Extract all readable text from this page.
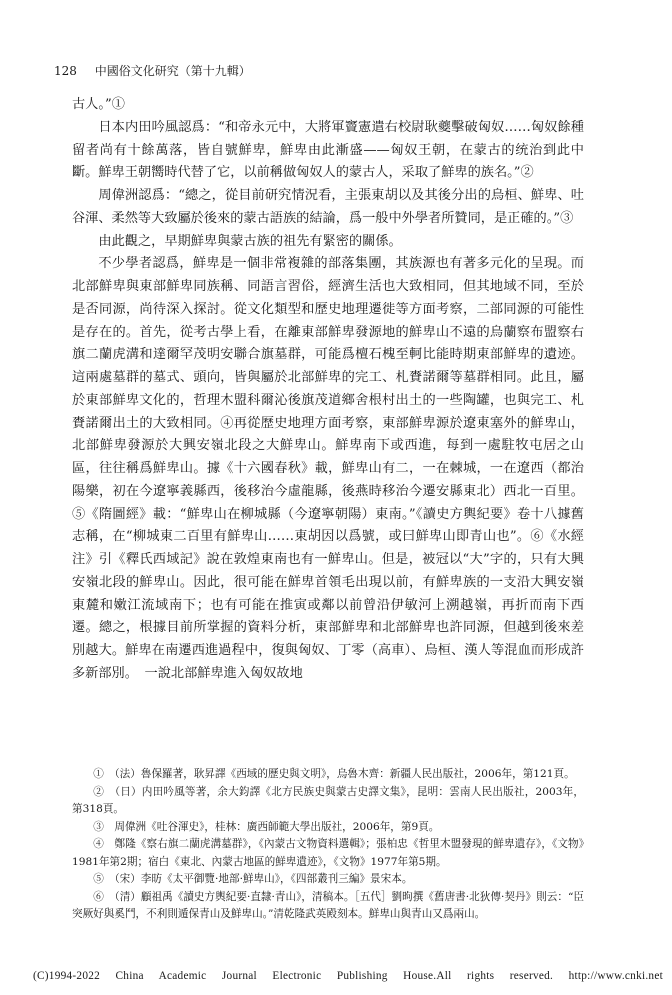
128 中國俗文化研究（第十九輯）

古人。”①

日本内田吟風認爲：“和帝永元中，大將軍竇憲遣右校尉耿夔擊破匈奴……匈奴餘種留者尚有十餘萬落，皆自號鮮卑，鮮卑由此漸盛——匈奴王朝，在蒙古的统治到此中斷。鮮卑王朝嚮時代替了它，以前稱做匈奴人的蒙古人，采取了鮮卑的族名。”②

周偉洲認爲：“總之，從目前研究情況看，主張東胡以及其後分出的烏桓、鮮卑、吐谷渾、柔然等大致屬於後來的蒙古語族的結論，爲一般中外學者所贊同，是正確的。”③

由此觀之，早期鮮卑與蒙古族的祖先有緊密的關係。

不少學者認爲，鮮卑是一個非常複雜的部落集團，其族源也有著多元化的呈現。而北部鮮卑與東部鮮卑同族稱、同語言習俗，經濟生活也大致相同，但其地域不同，至於是否同源，尚待深入探討。從文化類型和歷史地理遷徙等方面考察，二部同源的可能性是存在的。首先，從考古學上看，在離東部鮮卑發源地的鮮卑山不遠的烏蘭察布盟察右旗二蘭虎溝和達爾罕茂明安聯合旗墓群，可能爲檀石槐至軻比能時期東部鮮卑的遺迹。這兩處墓群的墓式、頭向，皆與屬於北部鮮卑的完工、札賚諾爾等墓群相同。此且，屬於東部鮮卑文化的，哲理木盟科爾沁後旗茂道鄉舍根村出土的一些陶罐，也與完工、札賚諾爾出土的大致相同。④再從歷史地理方面考察，東部鮮卑源於遼東塞外的鮮卑山，北部鮮卑發源於大興安嶺北段之大鮮卑山。鮮卑南下或西進，每到一處駐牧屯居之山區，往往稱爲鮮卑山。據《十六國春秋》載，鮮卑山有二，一在棘城，一在遼西（都治陽樂，初在今遼寧義縣西，後移治今虛龍縣，後燕時移治今遷安縣東北）西北一百里。⑤《隋圖經》載：“鮮卑山在柳城縣（今遼寧朝陽）東南。”《讀史方輿紀要》卷十八據舊志稱，在“柳城東二百里有鮮卑山……東胡因以爲號，或曰鮮卑山即青山也”。⑥《水經注》引《釋氏西域記》說在敦煌東南也有一鮮卑山。但是，被冠以“大”字的，只有大興安嶺北段的鮮卑山。因此，很可能在鮮卑首領毛出現以前，有鮮卑族的一支沿大興安嶺東麓和嫩江流域南下；也有可能在推寅或鄰以前曾沿伊敏河上溯越嶺，再折而南下西遷。總之，根據目前所掌握的資料分析，東部鮮卑和北部鮮卑也許同源，但越到後來差別越大。鮮卑在南遷西進過程中，復與匈奴、丁零（高車）、烏桓、漢人等混血而形成許多新部別。　一說北部鮮卑進入匈奴故地

①　（法）魯保羅著，耿昇譯《西域的歷史與文明》，烏魯木齊：新疆人民出版社，2006年，第121頁。

②　（日）内田吟風等著，余大鈞譯《北方民族史與蒙古史譯文集》，昆明：雲南人民出版社，2003年，第318頁。

③　周偉洲《吐谷渾史》，桂林：廣西師範大學出版社，2006年，第9頁。

④　鄭隆《察右旗二蘭虎溝墓群》，《內蒙古文物資料選輯》；張柏忠《哲里木盟發現的鮮卑遺存》，《文物》1981年第2期；宿白《東北、內蒙古地區的鮮卑遺迹》，《文物》1977年第5期。

⑤　（宋）李昉《太平御覽·地部·鮮卑山》，《四部叢刊三編》景宋本。

⑥　（清）顧祖禹《讀史方輿紀要·直隸·青山》，清稿本。［五代］劉昫撰《舊唐書·北狄傳·契丹》則云：“臣突厥好與奚鬥，不利則遁保青山及鮮卑山。”清乾隆武英殿刻本。鮮卑山與青山又爲兩山。

(C)1994-2022 China Academic Journal Electronic Publishing House.All rights reserved. http://www.cnki.net
